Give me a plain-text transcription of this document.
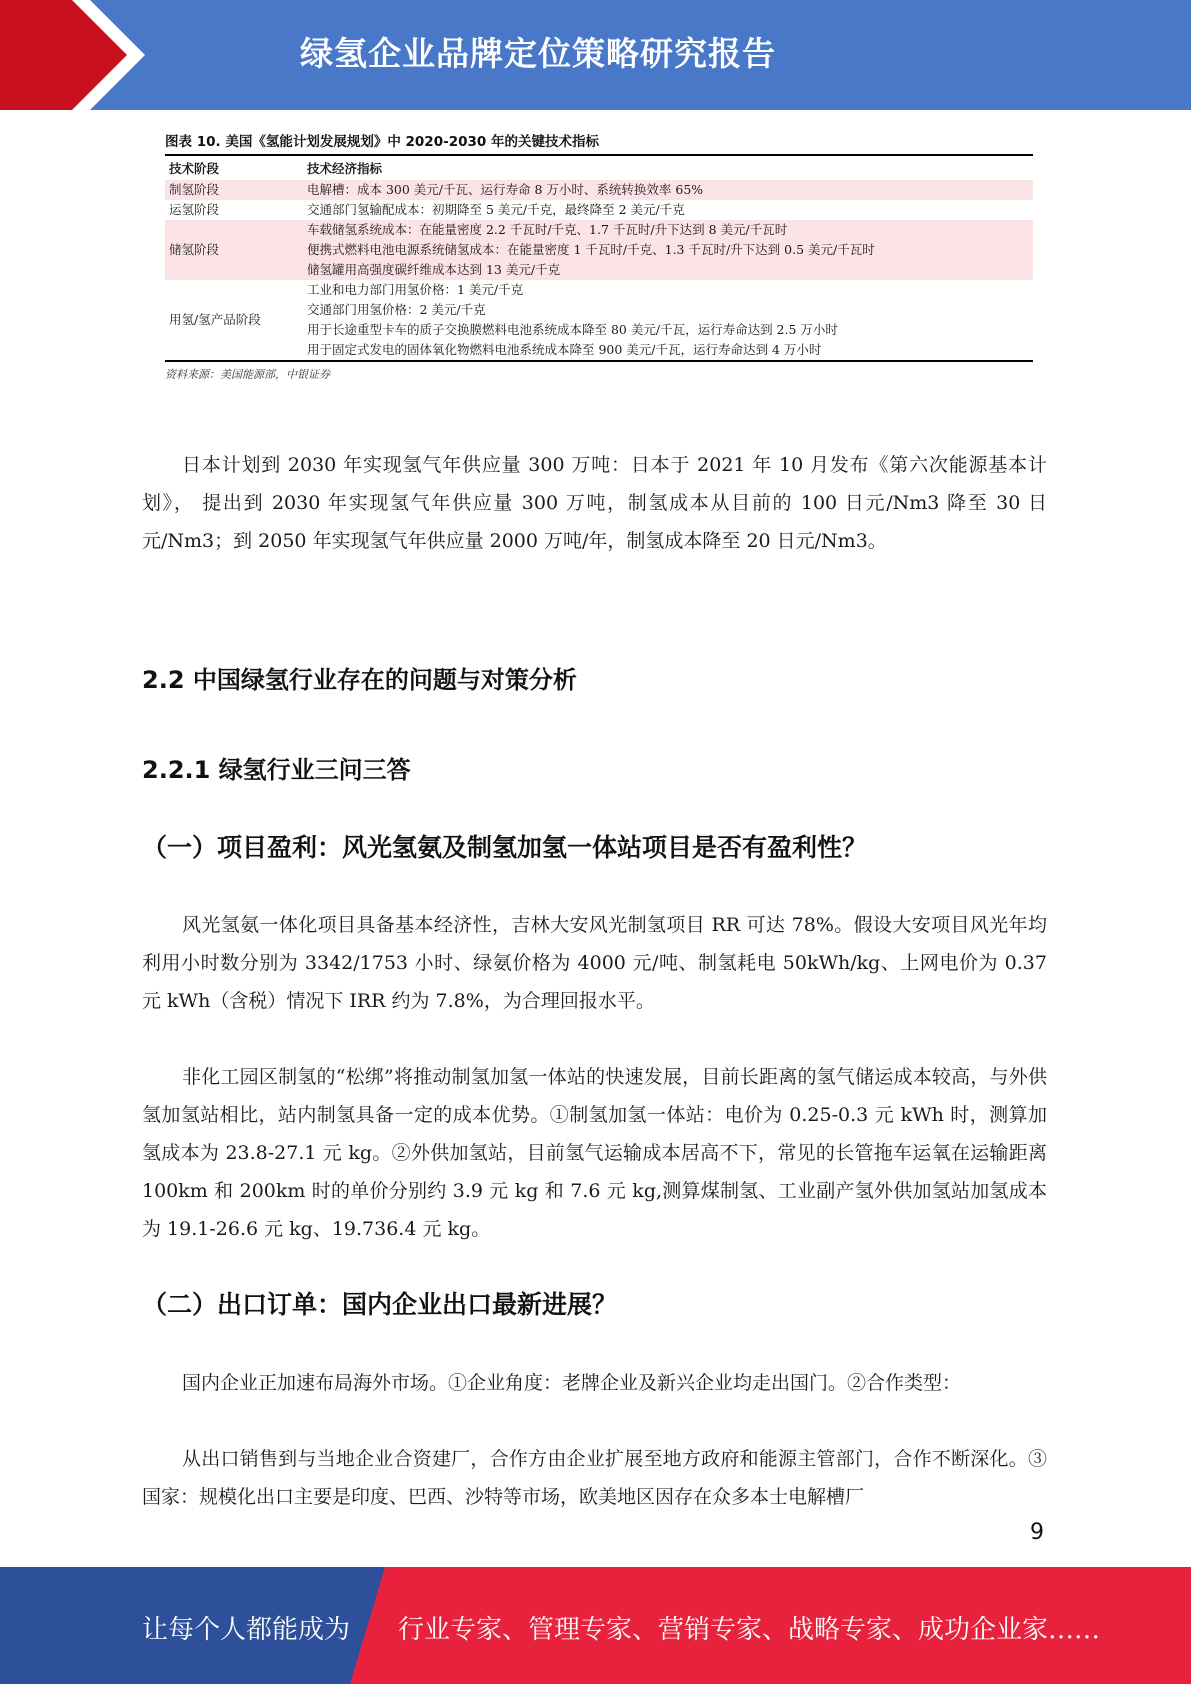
绿氢企业品牌定位策略研究报告
图表 10. 美国《氢能计划发展规划》中 2020-2030 年的关键技术指标
技术阶段	技术经济指标
制氢阶段	电解槽：成本 300 美元/千瓦、运行寿命 8 万小时、系统转换效率 65%

运氢阶段	交通部门氢输配成本：初期降至 5 美元/千克，最终降至 2 美元/千克

储氢阶段	车载储氢系统成本：在能量密度 2.2 千瓦时/千克、1.7 千瓦时/升下达到 8 美元/千瓦时
便携式燃料电池电源系统储氢成本：在能量密度 1 千瓦时/千克、1.3 千瓦时/升下达到 0.5 美元/千瓦时
储氢罐用高强度碳纤维成本达到 13 美元/千克

用氢/氢产品阶段	工业和电力部门用氢价格：1 美元/千克
交通部门用氢价格：2 美元/千克
用于长途重型卡车的质子交换膜燃料电池系统成本降至 80 美元/千瓦，运行寿命达到 2.5 万小时
用于固定式发电的固体氧化物燃料电池系统成本降至 900 美元/千瓦，运行寿命达到 4 万小时
资料来源：美国能源部，中银证券
日本计划到 2030 年实现氢气年供应量 300 万吨：日本于 2021 年 10 月发布《第六次能源基本计划》， 提出到 2030 年实现氢气年供应量 300 万吨，制氢成本从目前的 100 日元/Nm3 降至 30 日元/Nm3；到 2050 年实现氢气年供应量 2000 万吨/年，制氢成本降至 20 日元/Nm3。
2.2 中国绿氢行业存在的问题与对策分析
2.2.1 绿氢行业三问三答
（一）项目盈利：风光氢氨及制氢加氢一体站项目是否有盈利性？
风光氢氨一体化项目具备基本经济性，吉林大安风光制氢项目 RR 可达 78%。假设大安项目风光年均利用小时数分别为 3342/1753 小时、绿氨价格为 4000 元/吨、制氢耗电 50kWh/kg、上网电价为 0.37 元 kWh（含税）情况下 IRR 约为 7.8%，为合理回报水平。
非化工园区制氢的“松绑”将推动制氢加氢一体站的快速发展，目前长距离的氢气储运成本较高，与外供氢加氢站相比，站内制氢具备一定的成本优势。①制氢加氢一体站：电价为 0.25-0.3 元 kWh 时，测算加氢成本为 23.8-27.1 元 kg。②外供加氢站，目前氢气运输成本居高不下，常见的长管拖车运氧在运输距离 100km 和 200km 时的单价分别约 3.9 元 kg 和 7.6 元 kg,测算煤制氢、工业副产氢外供加氢站加氢成本为 19.1-26.6 元 kg、19.736.4 元 kg。
（二）出口订单：国内企业出口最新进展？
国内企业正加速布局海外市场。①企业角度：老牌企业及新兴企业均走出国门。②合作类型：
从出口销售到与当地企业合资建厂，合作方由企业扩展至地方政府和能源主管部门，合作不断深化。③国家：规模化出口主要是印度、巴西、沙特等市场，欧美地区因存在众多本士电解槽厂
9
让每个人都能成为 行业专家、管理专家、营销专家、战略专家、成功企业家……
